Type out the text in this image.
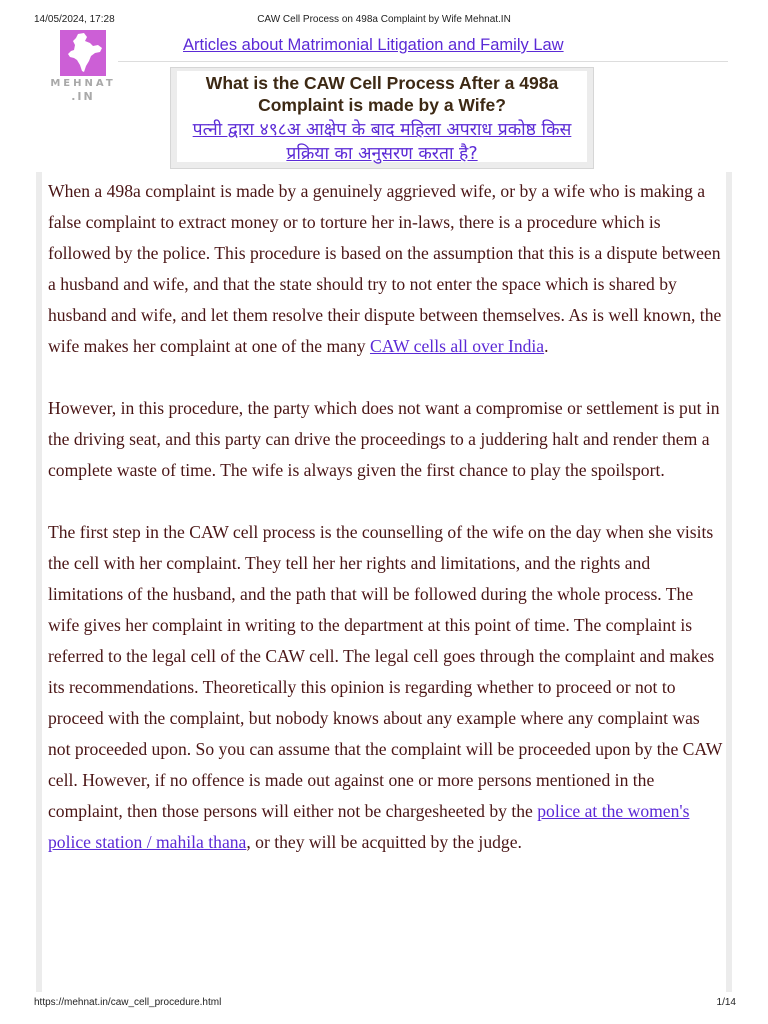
14/05/2024, 17:28	CAW Cell Process on 498a Complaint by Wife Mehnat.IN
MEHNAT
.IN
Articles about Matrimonial Litigation and Family Law
What is the CAW Cell Process After a 498a Complaint is made by a Wife?
पत्नी द्वारा ४९८अ आक्षेप के बाद महिला अपराध प्रकोष्ठ किस प्रक्रिया का अनुसरण करता है?

When a 498a complaint is made by a genuinely aggrieved wife, or by a wife who is making a false complaint to extract money or to torture her in-laws, there is a procedure which is followed by the police. This procedure is based on the assumption that this is a dispute between a husband and wife, and that the state should try to not enter the space which is shared by husband and wife, and let them resolve their dispute between themselves. As is well known, the wife makes her complaint at one of the many CAW cells all over India.

However, in this procedure, the party which does not want a compromise or settlement is put in the driving seat, and this party can drive the proceedings to a juddering halt and render them a complete waste of time. The wife is always given the first chance to play the spoilsport.

The first step in the CAW cell process is the counselling of the wife on the day when she visits the cell with her complaint. They tell her her rights and limitations, and the rights and limitations of the husband, and the path that will be followed during the whole process. The wife gives her complaint in writing to the department at this point of time. The complaint is referred to the legal cell of the CAW cell. The legal cell goes through the complaint and makes its recommendations. Theoretically this opinion is regarding whether to proceed or not to proceed with the complaint, but nobody knows about any example where any complaint was not proceeded upon. So you can assume that the complaint will be proceeded upon by the CAW cell. However, if no offence is made out against one or more persons mentioned in the complaint, then those persons will either not be chargesheeted by the police at the women's police station / mahila thana, or they will be acquitted by the judge.

https://mehnat.in/caw_cell_procedure.html	1/14
